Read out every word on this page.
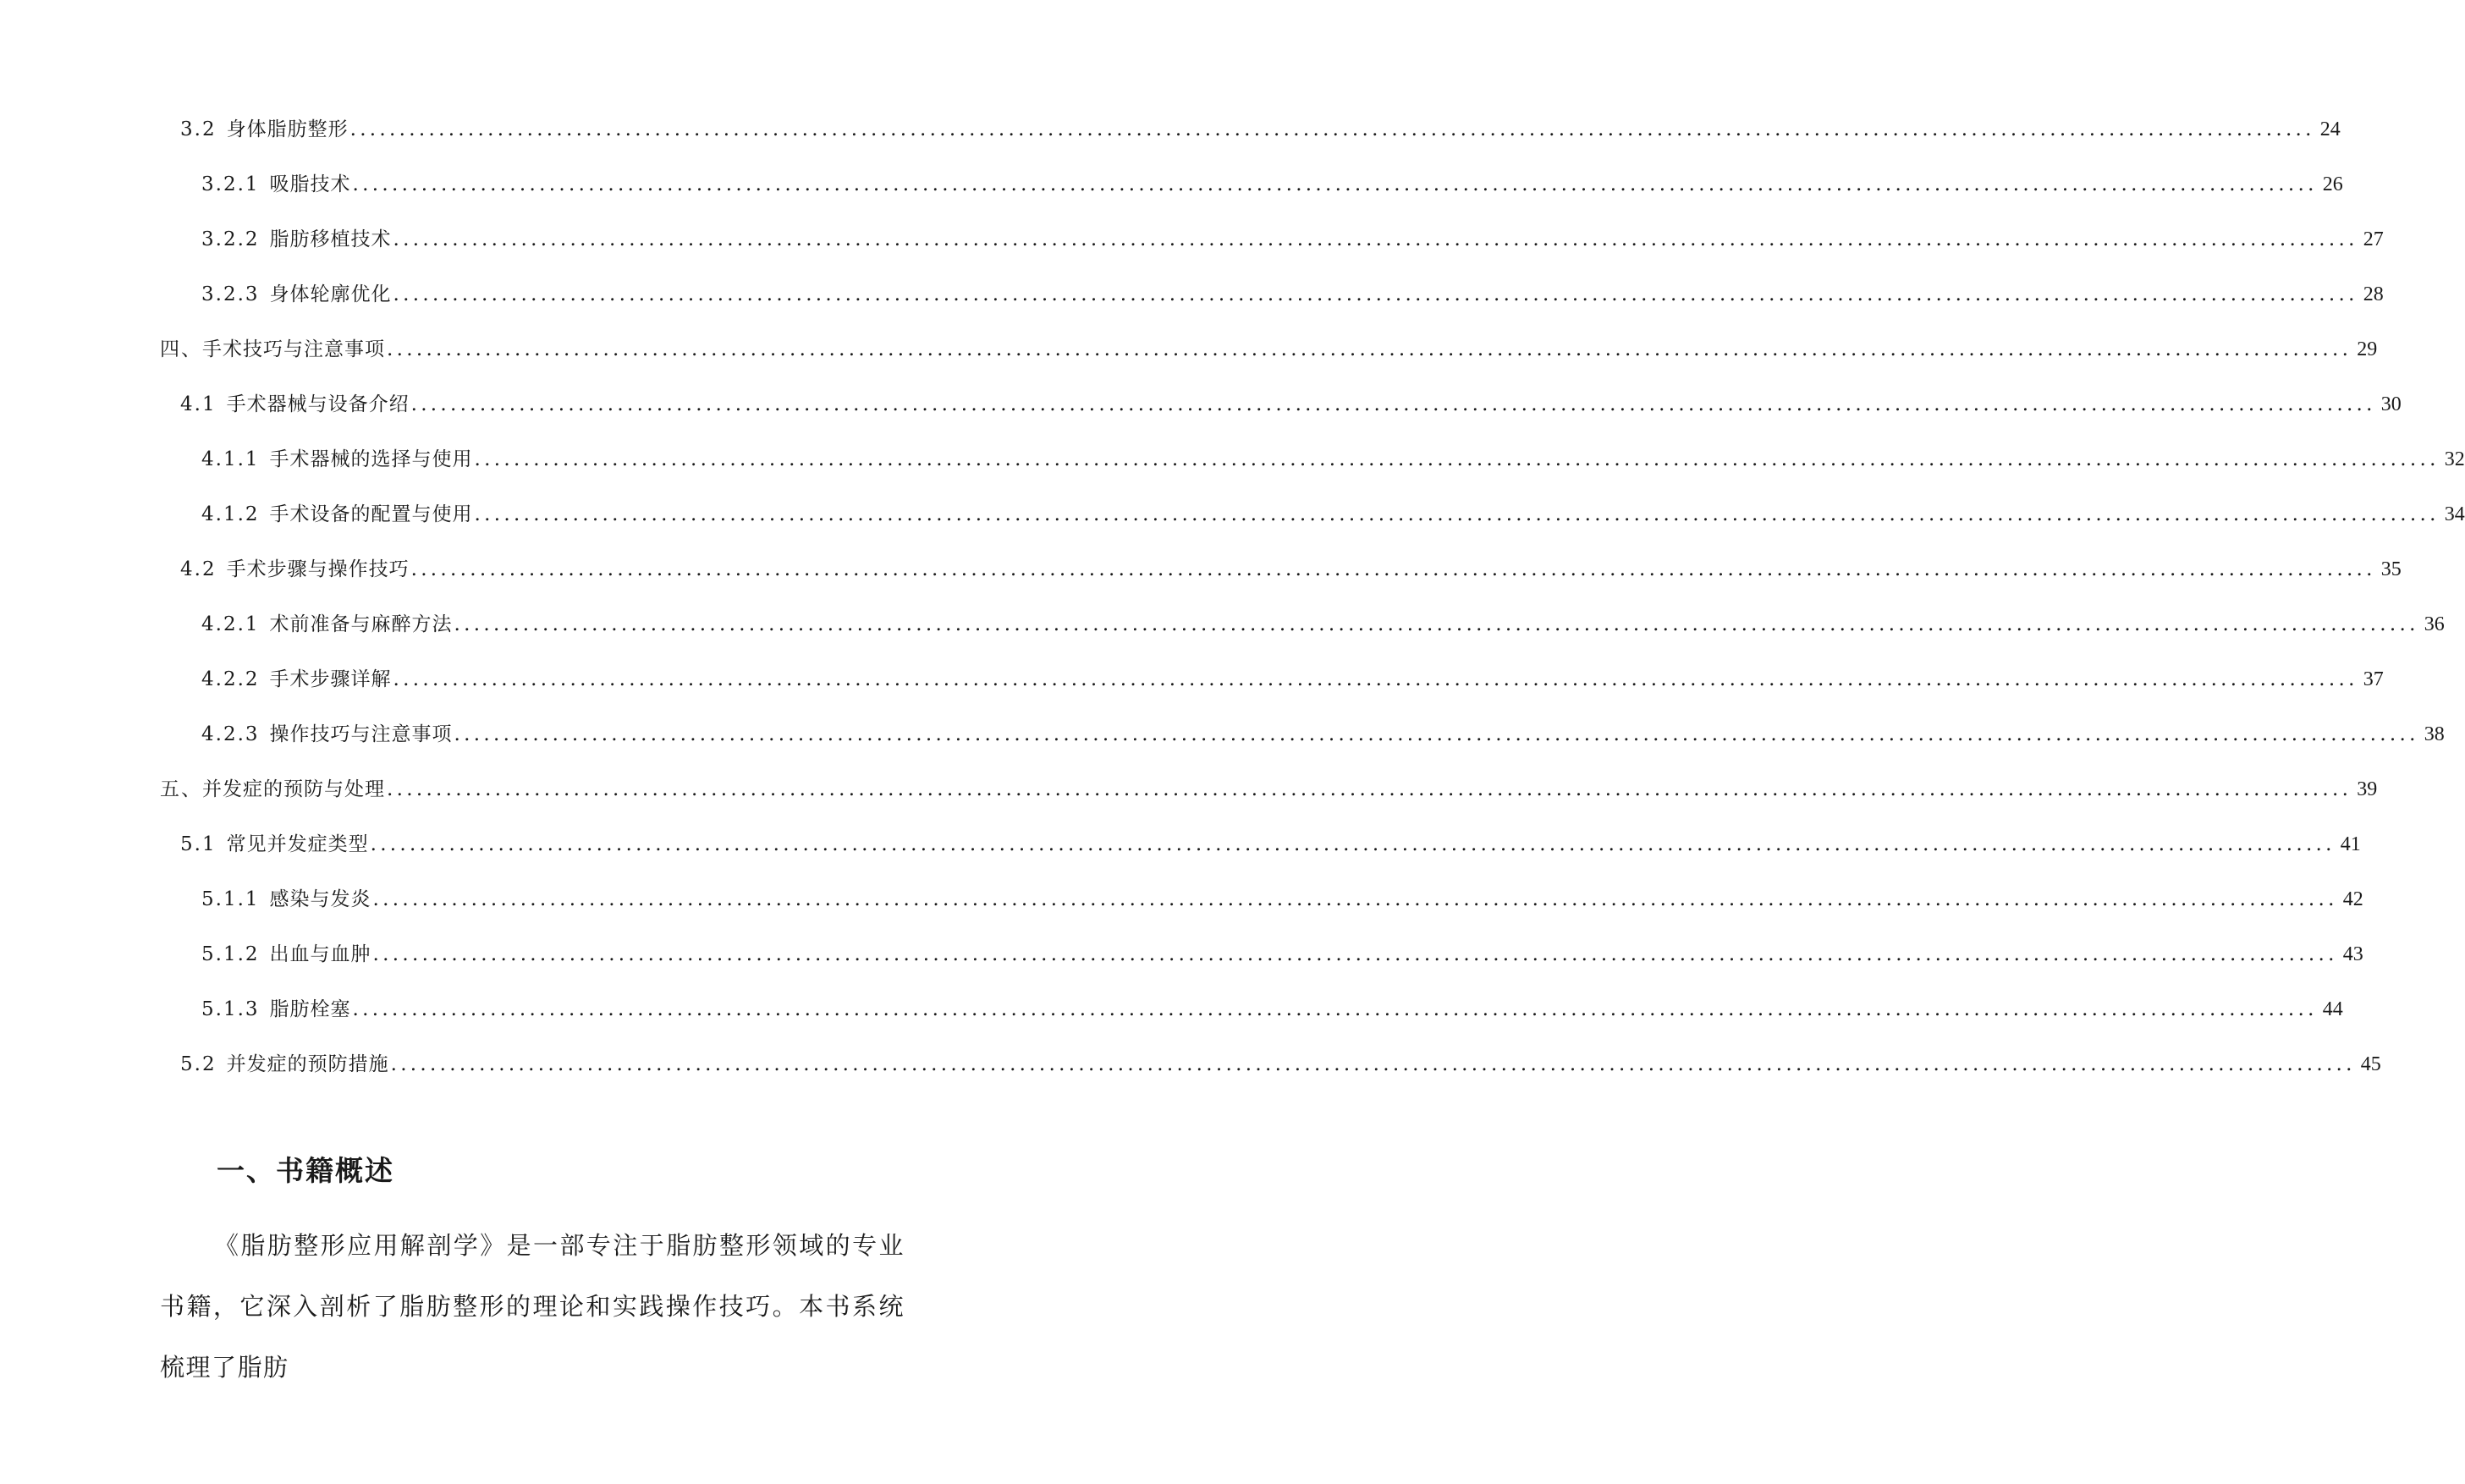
3.2 身体脂肪整形 ........................................................................................................................................................................................................ 24
3.2.1 吸脂技术 ........................................................................................................................................................................................................ 26
3.2.2 脂肪移植技术 ........................................................................................................................................................................................................ 27
3.2.3 身体轮廓优化 ........................................................................................................................................................................................................ 28
四、 手术技巧与注意事项 ........................................................................................................................................................................................................ 29
4.1 手术器械与设备介绍 ........................................................................................................................................................................................................ 30
4.1.1 手术器械的选择与使用 ........................................................................................................................................................................................................ 32
4.1.2 手术设备的配置与使用 ........................................................................................................................................................................................................ 34
4.2 手术步骤与操作技巧 ........................................................................................................................................................................................................ 35
4.2.1 术前准备与麻醉方法 ........................................................................................................................................................................................................ 36
4.2.2 手术步骤详解 ........................................................................................................................................................................................................ 37
4.2.3 操作技巧与注意事项 ........................................................................................................................................................................................................ 38
五、 并发症的预防与处理 ........................................................................................................................................................................................................ 39
5.1 常见并发症类型 ........................................................................................................................................................................................................ 41
5.1.1 感染与发炎 ........................................................................................................................................................................................................ 42
5.1.2 出血与血肿 ........................................................................................................................................................................................................ 43
5.1.3 脂肪栓塞 ........................................................................................................................................................................................................ 44
5.2 并发症的预防措施 ........................................................................................................................................................................................................ 45
一、书籍概述

《脂肪整形应用解剖学》是一部专注于脂肪整形领域的专业书籍，它深入剖析了脂肪整形的理论和实践操作技巧。本书系统梳理了脂肪
